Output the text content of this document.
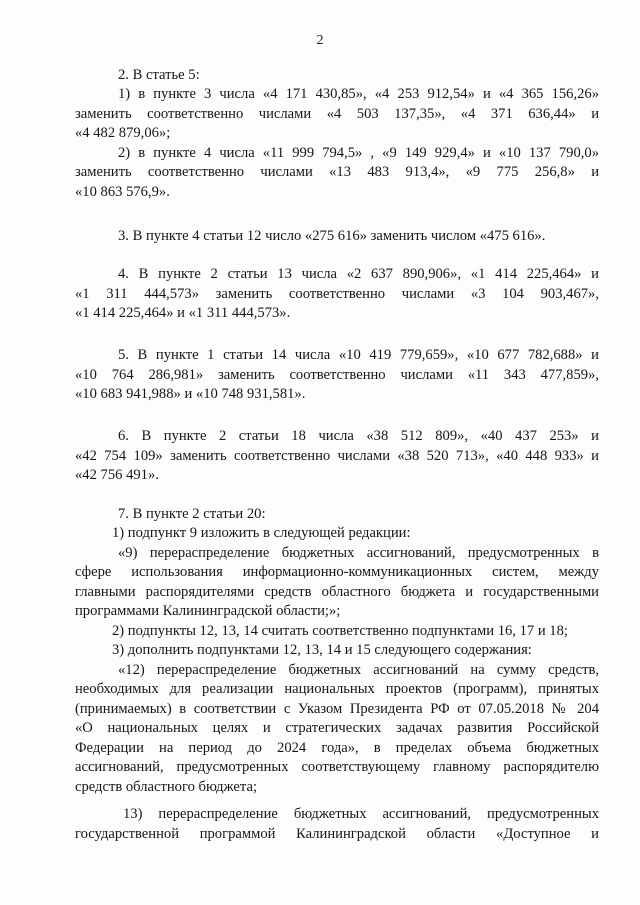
2
2. В статье 5:
1) в пункте 3 числа «4 171 430,85», «4 253 912,54» и «4 365 156,26»
заменить соответственно числами «4 503 137,35», «4 371 636,44» и
«4 482 879,06»;
2) в пункте 4 числа «11 999 794,5» , «9 149 929,4» и «10 137 790,0»
заменить соответственно числами «13 483 913,4», «9 775 256,8» и
«10 863 576,9».
3. В пункте 4 статьи 12 число «275 616» заменить числом «475 616».
4. В пункте 2 статьи 13 числа «2 637 890,906», «1 414 225,464» и
«1 311 444,573» заменить соответственно числами «3 104 903,467»,
«1 414 225,464» и «1 311 444,573».
5. В пункте 1 статьи 14 числа «10 419 779,659», «10 677 782,688» и
«10 764 286,981» заменить соответственно числами «11 343 477,859»,
«10 683 941,988» и «10 748 931,581».
6. В пункте 2 статьи 18 числа «38 512 809», «40 437 253» и
«42 754 109» заменить соответственно числами «38 520 713», «40 448 933» и
«42 756 491».
7. В пункте 2 статьи 20:
1) подпункт 9 изложить в следующей редакции:
«9) перераспределение бюджетных ассигнований, предусмотренных в
сфере использования информационно-коммуникационных систем, между
главными распорядителями средств областного бюджета и государственными
программами Калининградской области;»;
2) подпункты 12, 13, 14 считать соответственно подпунктами 16, 17 и 18;
3) дополнить подпунктами 12, 13, 14 и 15 следующего содержания:
«12) перераспределение бюджетных ассигнований на сумму средств,
необходимых для реализации национальных проектов (программ), принятых
(принимаемых) в соответствии с Указом Президента РФ от 07.05.2018 № 204
«О национальных целях и стратегических задачах развития Российской
Федерации на период до 2024 года», в пределах объема бюджетных
ассигнований, предусмотренных соответствующему главному распорядителю
средств областного бюджета;
13) перераспределение бюджетных ассигнований, предусмотренных
государственной программой Калининградской области «Доступное и
